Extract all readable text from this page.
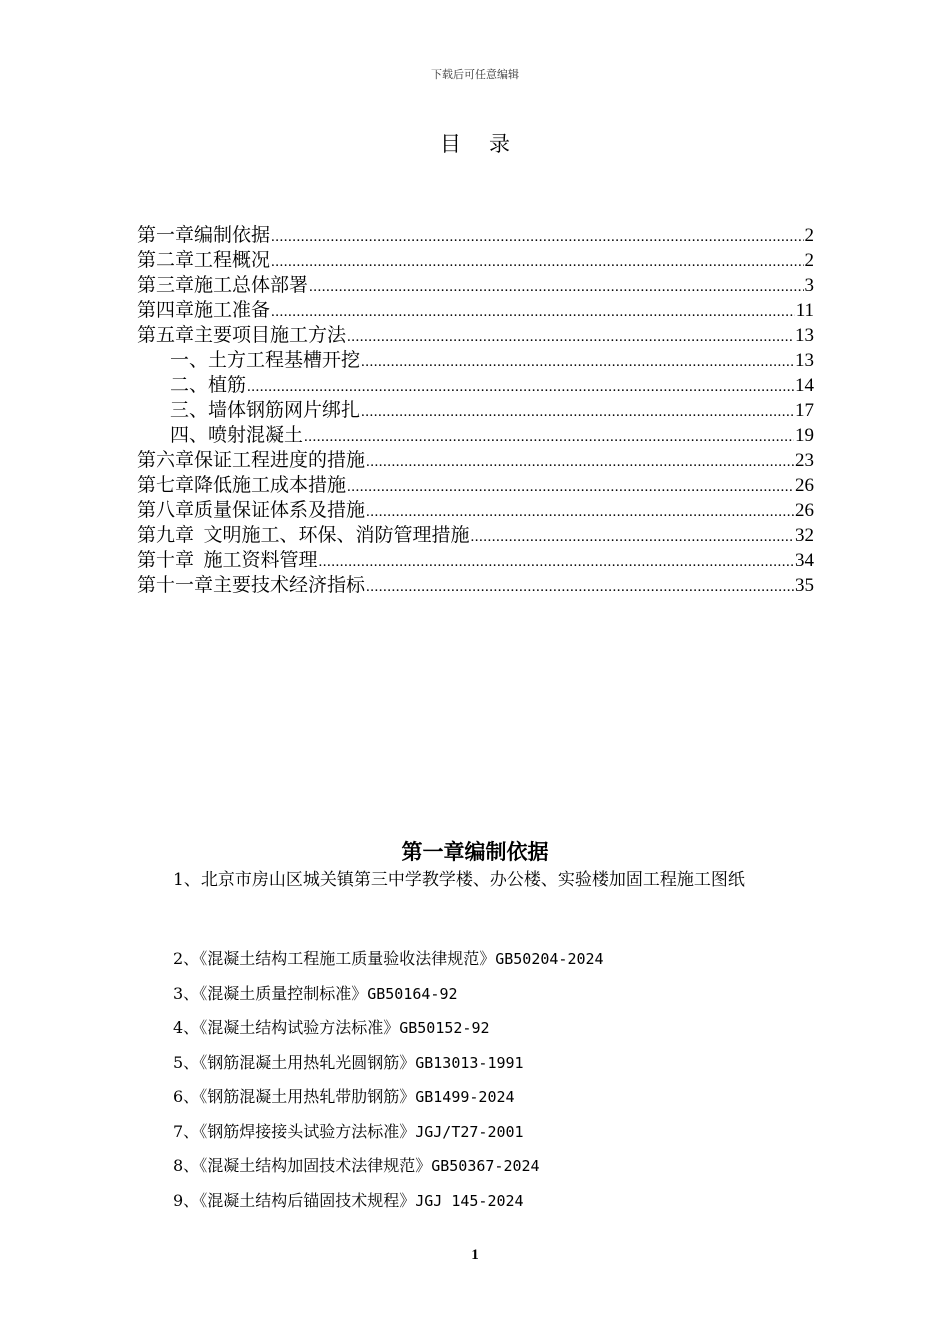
下载后可任意编辑
目录
第一章编制依据 .....	2
第二章工程概况 .....	2
第三章施工总体部署 .....	3
第四章施工准备 .....	11
第五章主要项目施工方法 .....	13
一、土方工程基槽开挖 .....	13
二、植筋 .....	14
三、墙体钢筋网片绑扎 .....	17
四、喷射混凝土 .....	19
第六章保证工程进度的措施 .....	23
第七章降低施工成本措施 .....	26
第八章质量保证体系及措施 .....	26
第九章  文明施工、环保、消防管理措施 .....	32
第十章  施工资料管理 .....	34
第十一章主要技术经济指标 .....	35
第一章编制依据
1、北京市房山区城关镇第三中学教学楼、办公楼、实验楼加固工程施工图纸
2、《混凝土结构工程施工质量验收法律规范》GB50204-2024
3、《混凝土质量控制标准》GB50164-92
4、《混凝土结构试验方法标准》GB50152-92
5、《钢筋混凝土用热轧光圆钢筋》GB13013-1991
6、《钢筋混凝土用热轧带肋钢筋》GB1499-2024
7、《钢筋焊接接头试验方法标准》JGJ/T27-2001
8、《混凝土结构加固技术法律规范》GB50367-2024
9、《混凝土结构后锚固技术规程》JGJ 145-2024
1
